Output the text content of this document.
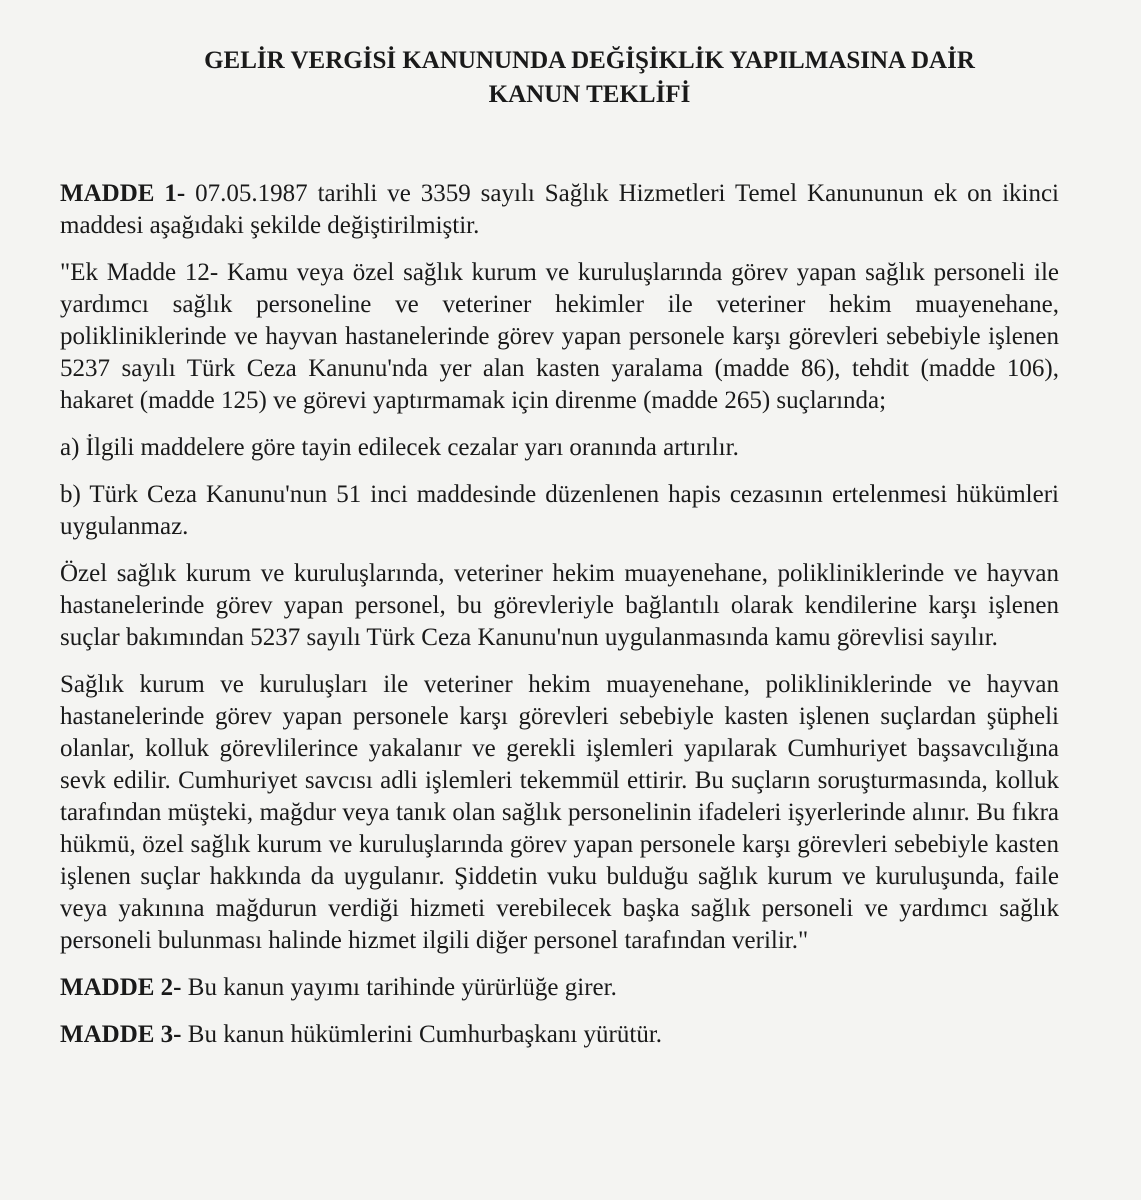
GELİR VERGİSİ KANUNUNDA DEĞİŞİKLİK YAPILMASINA DAİR
KANUN TEKLİFİ

MADDE 1- 07.05.1987 tarihli ve 3359 sayılı Sağlık Hizmetleri Temel Kanununun ek on ikinci maddesi aşağıdaki şekilde değiştirilmiştir.

"Ek Madde 12- Kamu veya özel sağlık kurum ve kuruluşlarında görev yapan sağlık personeli ile yardımcı sağlık personeline ve veteriner hekimler ile veteriner hekim muayenehane, polikliniklerinde ve hayvan hastanelerinde görev yapan personele karşı görevleri sebebiyle işlenen 5237 sayılı Türk Ceza Kanunu'nda yer alan kasten yaralama (madde 86), tehdit (madde 106), hakaret (madde 125) ve görevi yaptırmamak için direnme (madde 265) suçlarında;

a) İlgili maddelere göre tayin edilecek cezalar yarı oranında artırılır.

b) Türk Ceza Kanunu'nun 51 inci maddesinde düzenlenen hapis cezasının ertelenmesi hükümleri uygulanmaz.

Özel sağlık kurum ve kuruluşlarında, veteriner hekim muayenehane, polikliniklerinde ve hayvan hastanelerinde görev yapan personel, bu görevleriyle bağlantılı olarak kendilerine karşı işlenen suçlar bakımından 5237 sayılı Türk Ceza Kanunu'nun uygulanmasında kamu görevlisi sayılır.

Sağlık kurum ve kuruluşları ile veteriner hekim muayenehane, polikliniklerinde ve hayvan hastanelerinde görev yapan personele karşı görevleri sebebiyle kasten işlenen suçlardan şüpheli olanlar, kolluk görevlilerince yakalanır ve gerekli işlemleri yapılarak Cumhuriyet başsavcılığına sevk edilir. Cumhuriyet savcısı adli işlemleri tekemmül ettirir. Bu suçların soruşturmasında, kolluk tarafından müşteki, mağdur veya tanık olan sağlık personelinin ifadeleri işyerlerinde alınır. Bu fıkra hükmü, özel sağlık kurum ve kuruluşlarında görev yapan personele karşı görevleri sebebiyle kasten işlenen suçlar hakkında da uygulanır. Şiddetin vuku bulduğu sağlık kurum ve kuruluşunda, faile veya yakınına mağdurun verdiği hizmeti verebilecek başka sağlık personeli ve yardımcı sağlık personeli bulunması halinde hizmet ilgili diğer personel tarafından verilir."

MADDE 2- Bu kanun yayımı tarihinde yürürlüğe girer.

MADDE 3- Bu kanun hükümlerini Cumhurbaşkanı yürütür.
